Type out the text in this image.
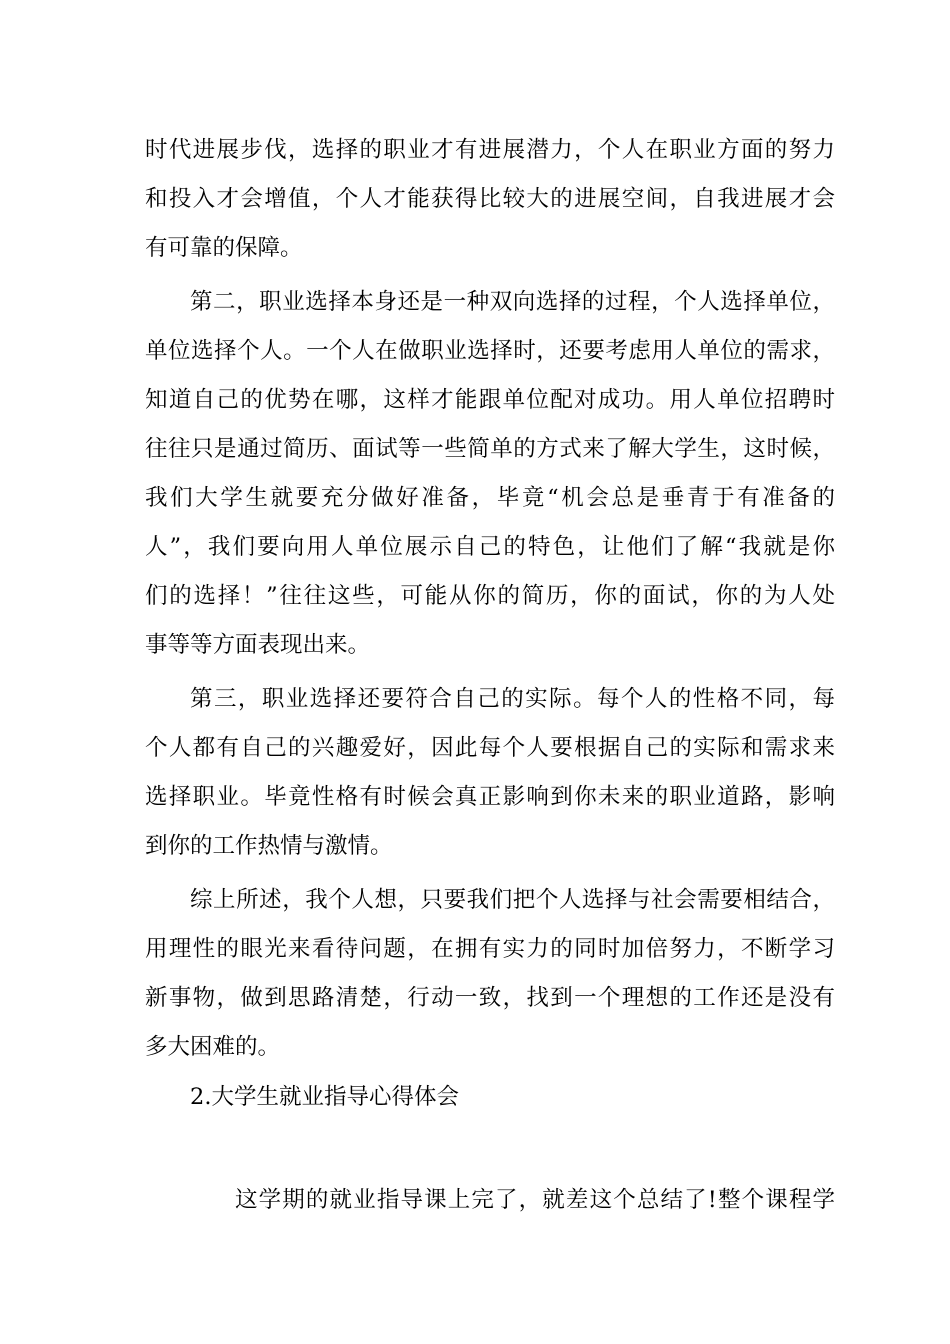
时代进展步伐，选择的职业才有进展潜力，个人在职业方面的努力
和投入才会增值，个人才能获得比较大的进展空间，自我进展才会
有可靠的保障。
第二，职业选择本身还是一种双向选择的过程，个人选择单位，
单位选择个人。一个人在做职业选择时，还要考虑用人单位的需求，
知道自己的优势在哪，这样才能跟单位配对成功。用人单位招聘时
往往只是通过简历、面试等一些简单的方式来了解大学生，这时候，
我们大学生就要充分做好准备，毕竟“机会总是垂青于有准备的
人”，我们要向用人单位展示自己的特色，让他们了解“我就是你
们的选择！”往往这些，可能从你的简历，你的面试，你的为人处
事等等方面表现出来。
第三，职业选择还要符合自己的实际。每个人的性格不同，每
个人都有自己的兴趣爱好，因此每个人要根据自己的实际和需求来
选择职业。毕竟性格有时候会真正影响到你未来的职业道路，影响
到你的工作热情与激情。
综上所述，我个人想，只要我们把个人选择与社会需要相结合，
用理性的眼光来看待问题，在拥有实力的同时加倍努力，不断学习
新事物，做到思路清楚，行动一致，找到一个理想的工作还是没有
多大困难的。
2.大学生就业指导心得体会
这学期的就业指导课上完了，就差这个总结了!整个课程学
